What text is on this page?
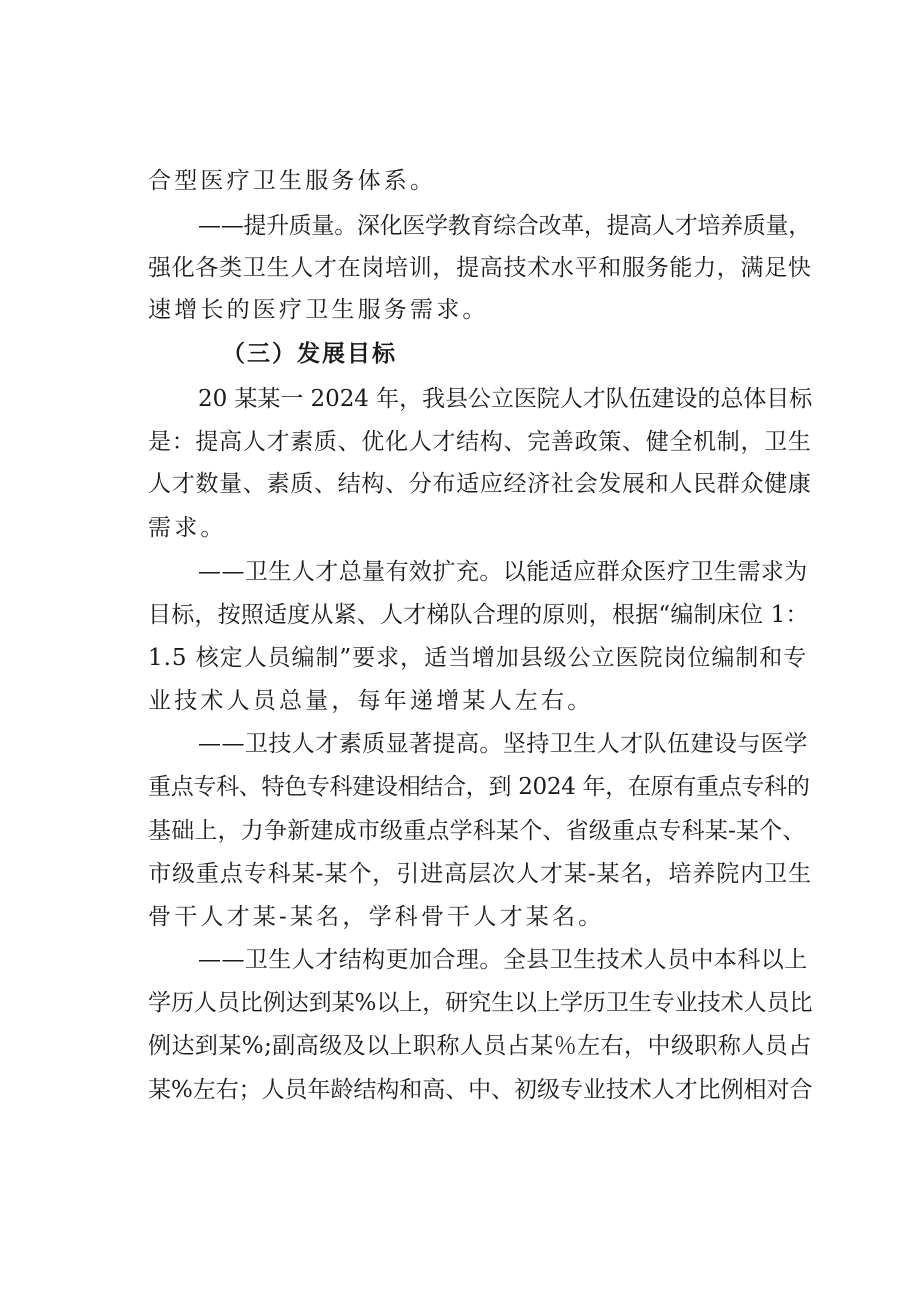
合型医疗卫生服务体系。
——提升质量。深化医学教育综合改革，提高人才培养质量，
强化各类卫生人才在岗培训，提高技术水平和服务能力，满足快
速增长的医疗卫生服务需求。
（三）发展目标
20 某某一 2024 年，我县公立医院人才队伍建设的总体目标
是：提高人才素质、优化人才结构、完善政策、健全机制，卫生
人才数量、素质、结构、分布适应经济社会发展和人民群众健康
需求。
——卫生人才总量有效扩充。以能适应群众医疗卫生需求为
目标，按照适度从紧、人才梯队合理的原则，根据“编制床位 1：
1.5 核定人员编制”要求，适当增加县级公立医院岗位编制和专
业技术人员总量，每年递增某人左右。
——卫技人才素质显著提高。坚持卫生人才队伍建设与医学
重点专科、特色专科建设相结合，到 2024 年，在原有重点专科的
基础上，力争新建成市级重点学科某个、省级重点专科某-某个、
市级重点专科某-某个，引进高层次人才某-某名，培养院内卫生
骨干人才某-某名，学科骨干人才某名。
——卫生人才结构更加合理。全县卫生技术人员中本科以上
学历人员比例达到某%以上，研究生以上学历卫生专业技术人员比
例达到某%;副高级及以上职称人员占某％左右，中级职称人员占
某%左右；人员年龄结构和高、中、初级专业技术人才比例相对合
